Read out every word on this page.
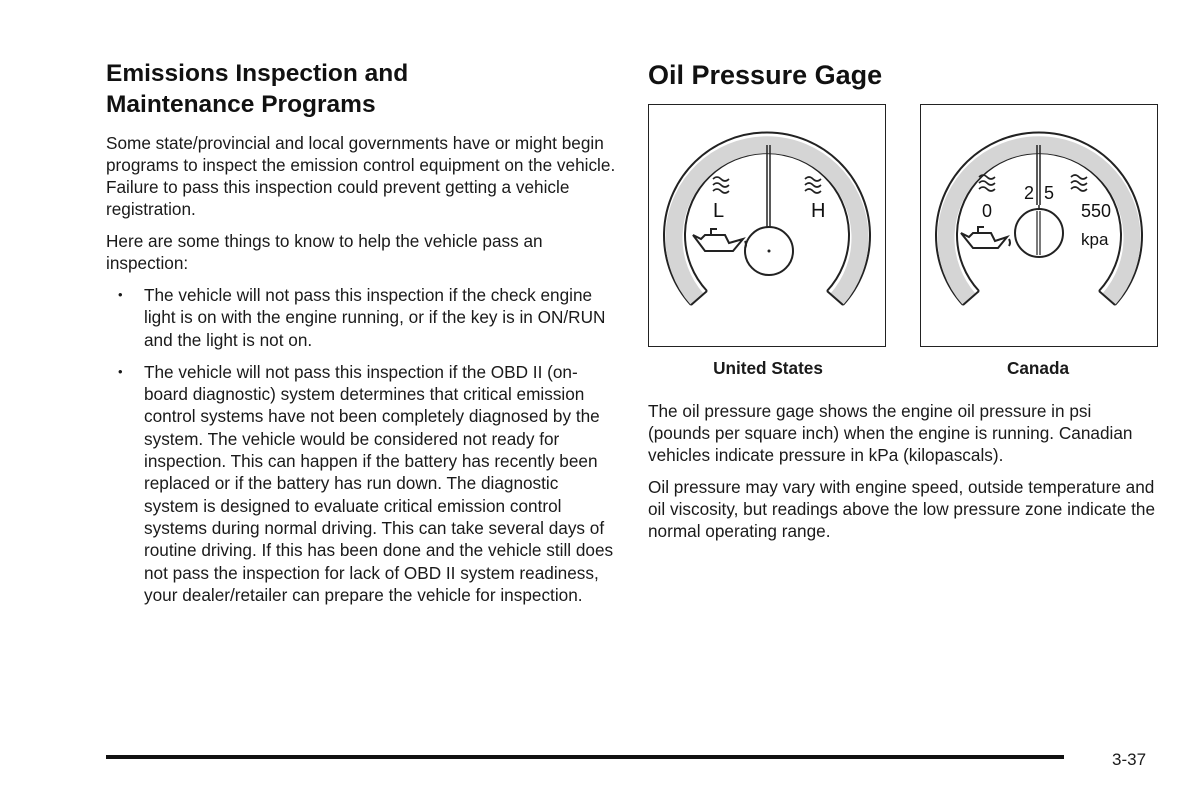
Emissions Inspection and
Maintenance Programs

Some state/provincial and local governments have or might begin programs to inspect the emission control equipment on the vehicle. Failure to pass this inspection could prevent getting a vehicle registration.

Here are some things to know to help the vehicle pass an inspection:

• The vehicle will not pass this inspection if the check engine light is on with the engine running, or if the key is in ON/RUN and the light is not on.
• The vehicle will not pass this inspection if the OBD II (on-board diagnostic) system determines that critical emission control systems have not been completely diagnosed by the system. The vehicle would be considered not ready for inspection. This can happen if the battery has recently been replaced or if the battery has run down. The diagnostic system is designed to evaluate critical emission control systems during normal driving. This can take several days of routine driving. If this has been done and the vehicle still does not pass the inspection for lack of OBD II system readiness, your dealer/retailer can prepare the vehicle for inspection.
Oil Pressure Gage
L	H
United States
0
2 5
550
kpa
Canada

The oil pressure gage shows the engine oil pressure in psi (pounds per square inch) when the engine is running. Canadian vehicles indicate pressure in kPa (kilopascals).

Oil pressure may vary with engine speed, outside temperature and oil viscosity, but readings above the low pressure zone indicate the normal operating range.

3-37
